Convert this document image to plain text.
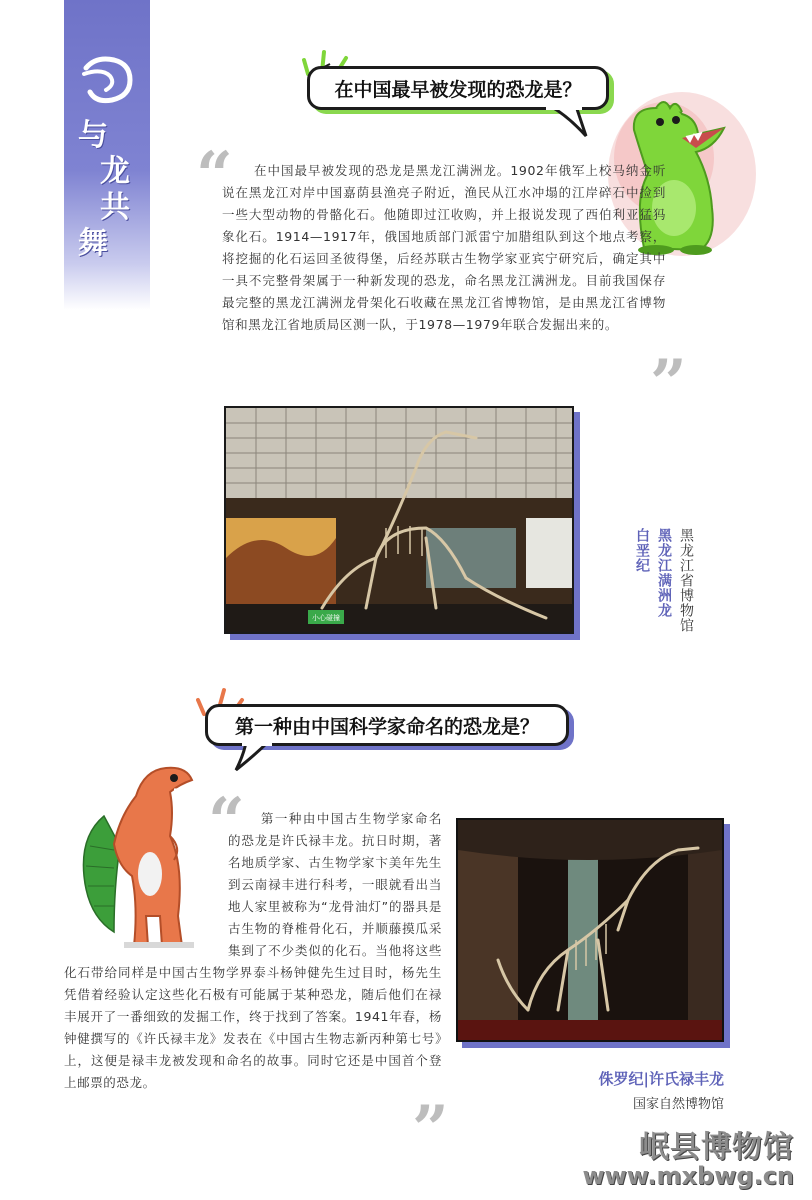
与
龙共
舞
在中国最早被发现的恐龙是？
“	在中国最早被发现的恐龙是黑龙江满洲龙。1902年俄军上校马纳金听说在黑龙江对岸中国嘉荫县渔亮子附近，渔民从江水冲塌的江岸碎石中捡到一些大型动物的骨骼化石。他随即过江收购，并上报说发现了西伯利亚猛犸象化石。1914—1917年，俄国地质部门派雷宁加腊组队到这个地点考察，将挖掘的化石运回圣彼得堡，后经苏联古生物学家亚宾宁研究后，确定其中一具不完整骨架属于一种新发现的恐龙，命名黑龙江满洲龙。目前我国保存最完整的黑龙江满洲龙骨架化石收藏在黑龙江省博物馆，是由黑龙江省博物馆和黑龙江省地质局区测一队，于1978—1979年联合发掘出来的。
”
小心碰撞	黑龙江省博物馆
黑龙江满洲龙
白垩纪
第一种由中国科学家命名的恐龙是？
“	第一种由中国古生物学家命名的恐龙是许氏禄丰龙。抗日时期，著名地质学家、古生物学家卞美年先生到云南禄丰进行科考，一眼就看出当地人家里被称为“龙骨油灯”的器具是古生物的脊椎骨化石，并顺藤摸瓜采集到了不少类似的化石。当他将这些化石带给同样是中国古生物学界泰斗杨钟健先生过目时，杨先生凭借着经验认定这些化石极有可能属于某种恐龙，随后他们在禄丰展开了一番细致的发掘工作，终于找到了答案。1941年春，杨钟健撰写的《许氏禄丰龙》发表在《中国古生物志新丙种第七号》上，这便是禄丰龙被发现和命名的故事。同时它还是中国首个登上邮票的恐龙。
”
侏罗纪|许氏禄丰龙
国家自然博物馆
岷县博物馆
www.mxbwg.cn
